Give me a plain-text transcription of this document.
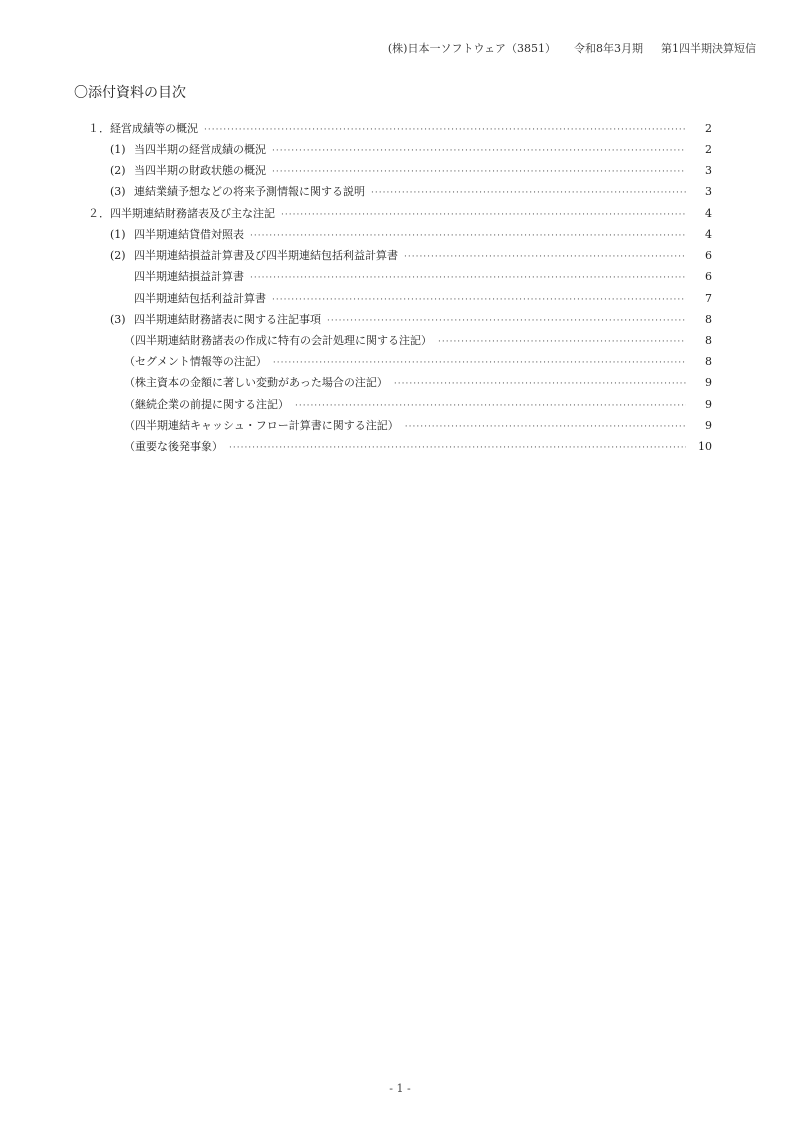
(株)日本一ソフトウェア（3851） 令和8年3月期 第1四半期決算短信
〇添付資料の目次
１． 経営成績等の概況 ·····	2
(1) 当四半期の経営成績の概況 ·····	2
(2) 当四半期の財政状態の概況 ·····	3
(3) 連結業績予想などの将来予測情報に関する説明 ·····	3
２． 四半期連結財務諸表及び主な注記 ·····	4
(1) 四半期連結貸借対照表 ·····	4
(2) 四半期連結損益計算書及び四半期連結包括利益計算書 ·····	6
四半期連結損益計算書 ·····	6
四半期連結包括利益計算書 ·····	7
(3) 四半期連結財務諸表に関する注記事項 ·····	8
（四半期連結財務諸表の作成に特有の会計処理に関する注記） ·····	8
（セグメント情報等の注記） ·····	8
（株主資本の金額に著しい変動があった場合の注記） ·····	9
（継続企業の前提に関する注記） ·····	9
（四半期連結キャッシュ・フロー計算書に関する注記） ·····	9
（重要な後発事象） ·····	10
- 1 -
